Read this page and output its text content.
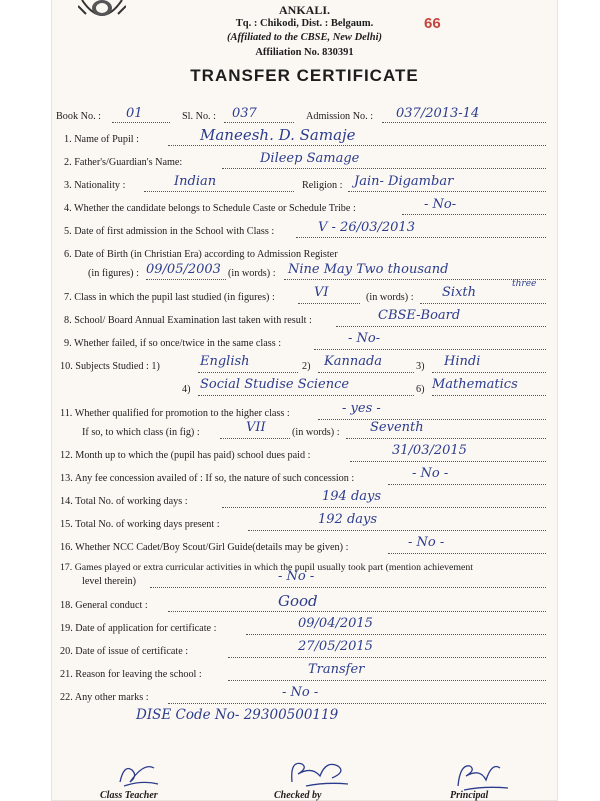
ANKALI.
Tq. : Chikodi, Dist. : Belgaum.
(Affiliated to the CBSE, New Delhi)
Affiliation No. 830391
66
TRANSFER CERTIFICATE
Book No. : 01	Sl. No. : 037	Admission No. : 037/2013-14
1. Name of Pupil :	Maneesh. D. Samaje
2. Father's/Guardian's Name:	Dileep Samage
3. Nationality :	Indian	Religion : Jain- Digambar
4. Whether the candidate belongs to Schedule Caste or Schedule Tribe :	- No-
5. Date of first admission in the School with Class :	V - 26/03/2013
6. Date of Birth (in Christian Era) according to Admission Register
(in figures) : 09/05/2003 (in words) : Nine May Two thousand
three
7. Class in which the pupil last studied (in figures) :	VI	(in words) : Sixth
8. School/ Board Annual Examination last taken with result :	CBSE-Board
9. Whether failed, if so once/twice in the same class :	- No-
10. Subjects Studied : 1)	English	2) Kannada	3) Hindi
4) Social Studise Science	6) Mathematics
11. Whether qualified for promotion to the higher class :	- yes -
If so, to which class (in fig) :	VII	(in words) : Seventh
12. Month up to which the (pupil has paid) school dues paid :	31/03/2015
13. Any fee concession availed of : If so, the nature of such concession :	- No -
14. Total No. of working days :	194 days
15. Total No. of working days present :	192 days
16. Whether NCC Cadet/Boy Scout/Girl Guide(details may be given) :	- No -
17. Games played or extra curricular activities in which the pupil usually took part (mention achievement
level therein)	- No -
18. General conduct :	Good
19. Date of application for certificate :	09/04/2015
20. Date of issue of certificate :	27/05/2015
21. Reason for leaving the school :	Transfer
22. Any other marks :	- No -
DISE Code No- 29300500119
Class Teacher	Checked by	Principal
